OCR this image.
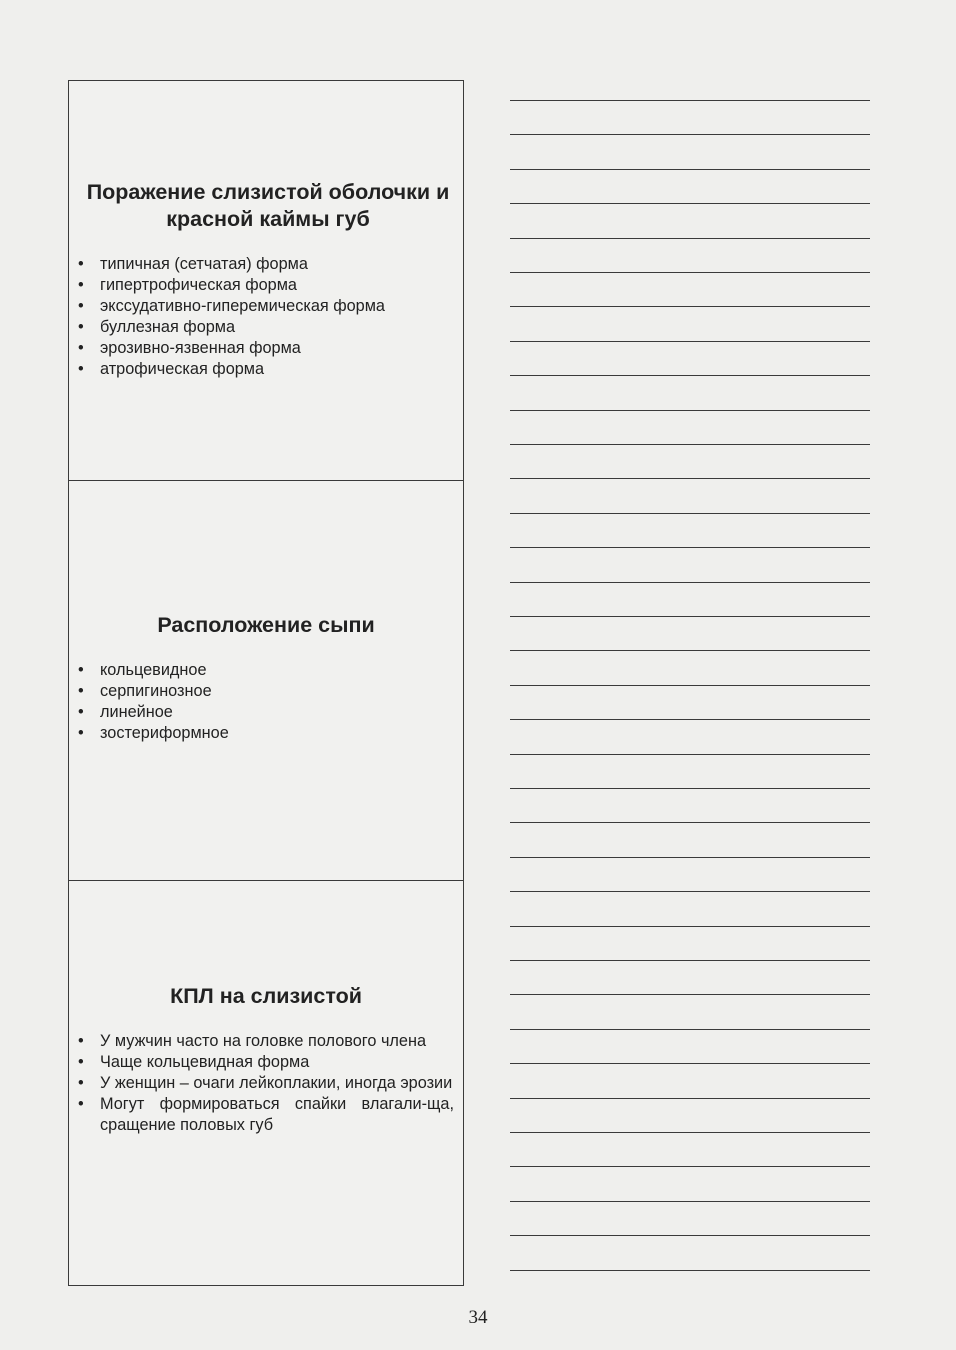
Поражение слизистой оболочки и красной каймы губ
• типичная (сетчатая) форма
• гипертрофическая форма
• экссудативно-гиперемическая форма
• буллезная форма
• эрозивно-язвенная форма
• атрофическая форма
Расположение сыпи
• кольцевидное
• серпигинозное
• линейное
• зостериформное
КПЛ на слизистой
• У мужчин часто на головке полового члена
• Чаще кольцевидная форма
• У женщин – очаги лейкоплакии, иногда эрозии
• Могут формироваться спайки влагали-ща, сращение половых губ
34
